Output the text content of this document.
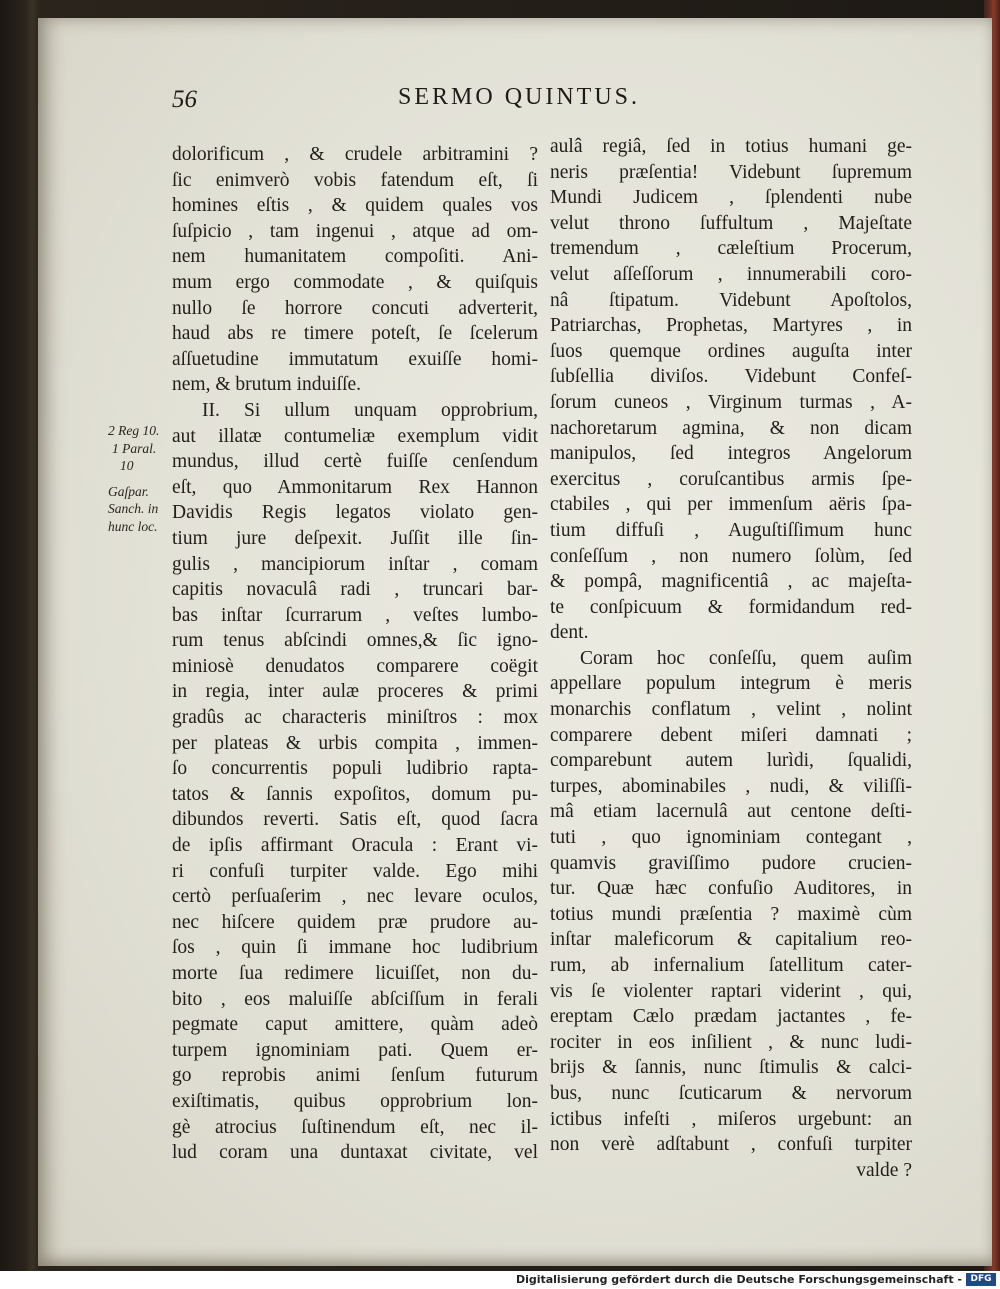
56	SERMO QUINTUS.
2 Reg 10.
1 Paral.
10
Gaſpar.
Sanch. in
hunc loc.
dolorificum , & crudele arbitramini ?
ſic enimverò vobis fatendum eſt, ſi
homines eſtis , & quidem quales vos
ſuſpicio , tam ingenui , atque ad om-
nem humanitatem compoſiti. Ani-
mum ergo commodate , & quiſquis
nullo ſe horrore concuti adverterit,
haud abs re timere poteſt, ſe ſcelerum
aſſuetudine immutatum exuiſſe homi-
nem, & brutum induiſſe.
II. Si ullum unquam opprobrium,
aut illatæ contumeliæ exemplum vidit
mundus, illud certè fuiſſe cenſendum
eſt, quo Ammonitarum Rex Hannon
Davidis Regis legatos violato gen-
tium jure deſpexit. Juſſit ille ſin-
gulis , mancipiorum inſtar , comam
capitis novaculâ radi , truncari bar-
bas inſtar ſcurrarum , veſtes lumbo-
rum tenus abſcindi omnes,& ſic igno-
miniosè denudatos comparere coëgit
in regia, inter aulæ proceres & primi
gradûs ac characteris miniſtros : mox
per plateas & urbis compita , immen-
ſo concurrentis populi ludibrio rapta-
tatos & ſannis expoſitos, domum pu-
dibundos reverti. Satis eſt, quod ſacra
de ipſis affirmant Oracula : Erant vi-
ri confuſi turpiter valde. Ego mihi
certò perſuaſerim , nec levare oculos,
nec hiſcere quidem præ prudore au-
ſos , quin ſi immane hoc ludibrium
morte ſua redimere licuiſſet, non du-
bito , eos maluiſſe abſciſſum in ferali
pegmate caput amittere, quàm adeò
turpem ignominiam pati. Quem er-
go reprobis animi ſenſum futurum
exiſtimatis, quibus opprobrium lon-
gè atrocius ſuſtinendum eſt, nec il-
lud coram una duntaxat civitate, vel
aulâ regiâ, ſed in totius humani ge-
neris præſentia! Videbunt ſupremum
Mundi Judicem , ſplendenti nube
velut throno ſuffultum , Majeſtate
tremendum , cæleſtium Procerum,
velut aſſeſſorum , innumerabili coro-
nâ ſtipatum. Videbunt Apoſtolos,
Patriarchas, Prophetas, Martyres , in
ſuos quemque ordines auguſta inter
ſubſellia diviſos. Videbunt Confeſ-
ſorum cuneos , Virginum turmas , A-
nachoretarum agmina, & non dicam
manipulos, ſed integros Angelorum
exercitus , coruſcantibus armis ſpe-
ctabiles , qui per immenſum aëris ſpa-
tium diffuſi , Auguſtiſſimum hunc
conſeſſum , non numero ſolùm, ſed
& pompâ, magnificentiâ , ac majeſta-
te conſpicuum & formidandum red-
dent.
Coram hoc conſeſſu, quem auſim
appellare populum integrum è meris
monarchis conflatum , velint , nolint
comparere debent miſeri damnati ;
comparebunt autem lurìdi, ſqualidi,
turpes, abominabiles , nudi, & viliſſi-
mâ etiam lacernulâ aut centone deſti-
tuti , quo ignominiam contegant ,
quamvis graviſſimo pudore crucien-
tur. Quæ hæc confuſio Auditores, in
totius mundi præſentia ? maximè cùm
inſtar maleficorum & capitalium reo-
rum, ab infernalium ſatellitum cater-
vis ſe violenter raptari viderint , qui,
ereptam Cælo prædam jactantes , fe-
rociter in eos inſilient , & nunc ludi-
brijs & ſannis, nunc ſtimulis & calci-
bus, nunc ſcuticarum & nervorum
ictibus infeſti , miſeros urgebunt: an
non verè adſtabunt , confuſi turpiter
valde ?
Digitalisierung gefördert durch die Deutsche Forschungsgemeinschaft - DFG
